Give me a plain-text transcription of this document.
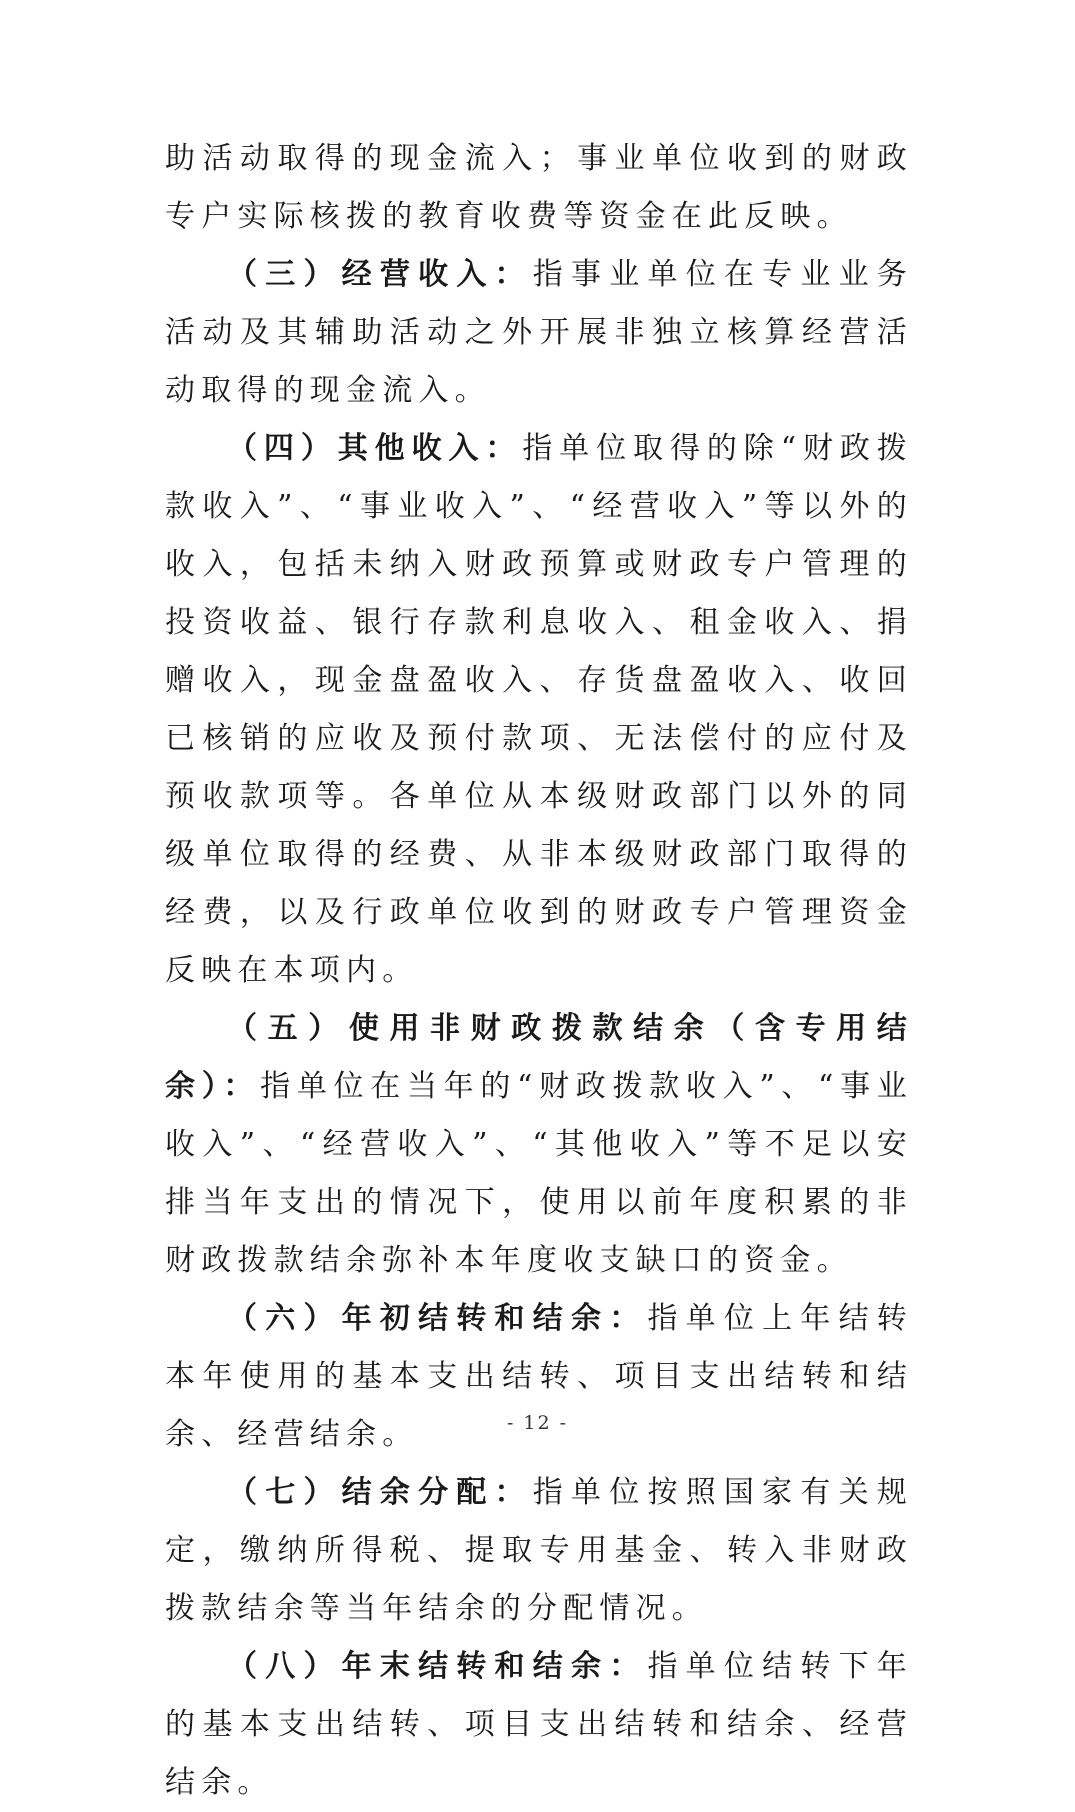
助活动取得的现金流入；事业单位收到的财政专户实际核拨的教育收费等资金在此反映。

（三）经营收入：指事业单位在专业业务活动及其辅助活动之外开展非独立核算经营活动取得的现金流入。

（四）其他收入：指单位取得的除“财政拨款收入”、“事业收入”、“经营收入”等以外的收入，包括未纳入财政预算或财政专户管理的投资收益、银行存款利息收入、租金收入、捐赠收入，现金盘盈收入、存货盘盈收入、收回已核销的应收及预付款项、无法偿付的应付及预收款项等。各单位从本级财政部门以外的同级单位取得的经费、从非本级财政部门取得的经费，以及行政单位收到的财政专户管理资金反映在本项内。

（五）使用非财政拨款结余（含专用结余）：指单位在当年的“财政拨款收入”、“事业收入”、“经营收入”、“其他收入”等不足以安排当年支出的情况下，使用以前年度积累的非财政拨款结余弥补本年度收支缺口的资金。

（六）年初结转和结余：指单位上年结转本年使用的基本支出结转、项目支出结转和结余、经营结余。

（七）结余分配：指单位按照国家有关规定，缴纳所得税、提取专用基金、转入非财政拨款结余等当年结余的分配情况。

（八）年末结转和结余：指单位结转下年的基本支出结转、项目支出结转和结余、经营结余。

- 12 -
